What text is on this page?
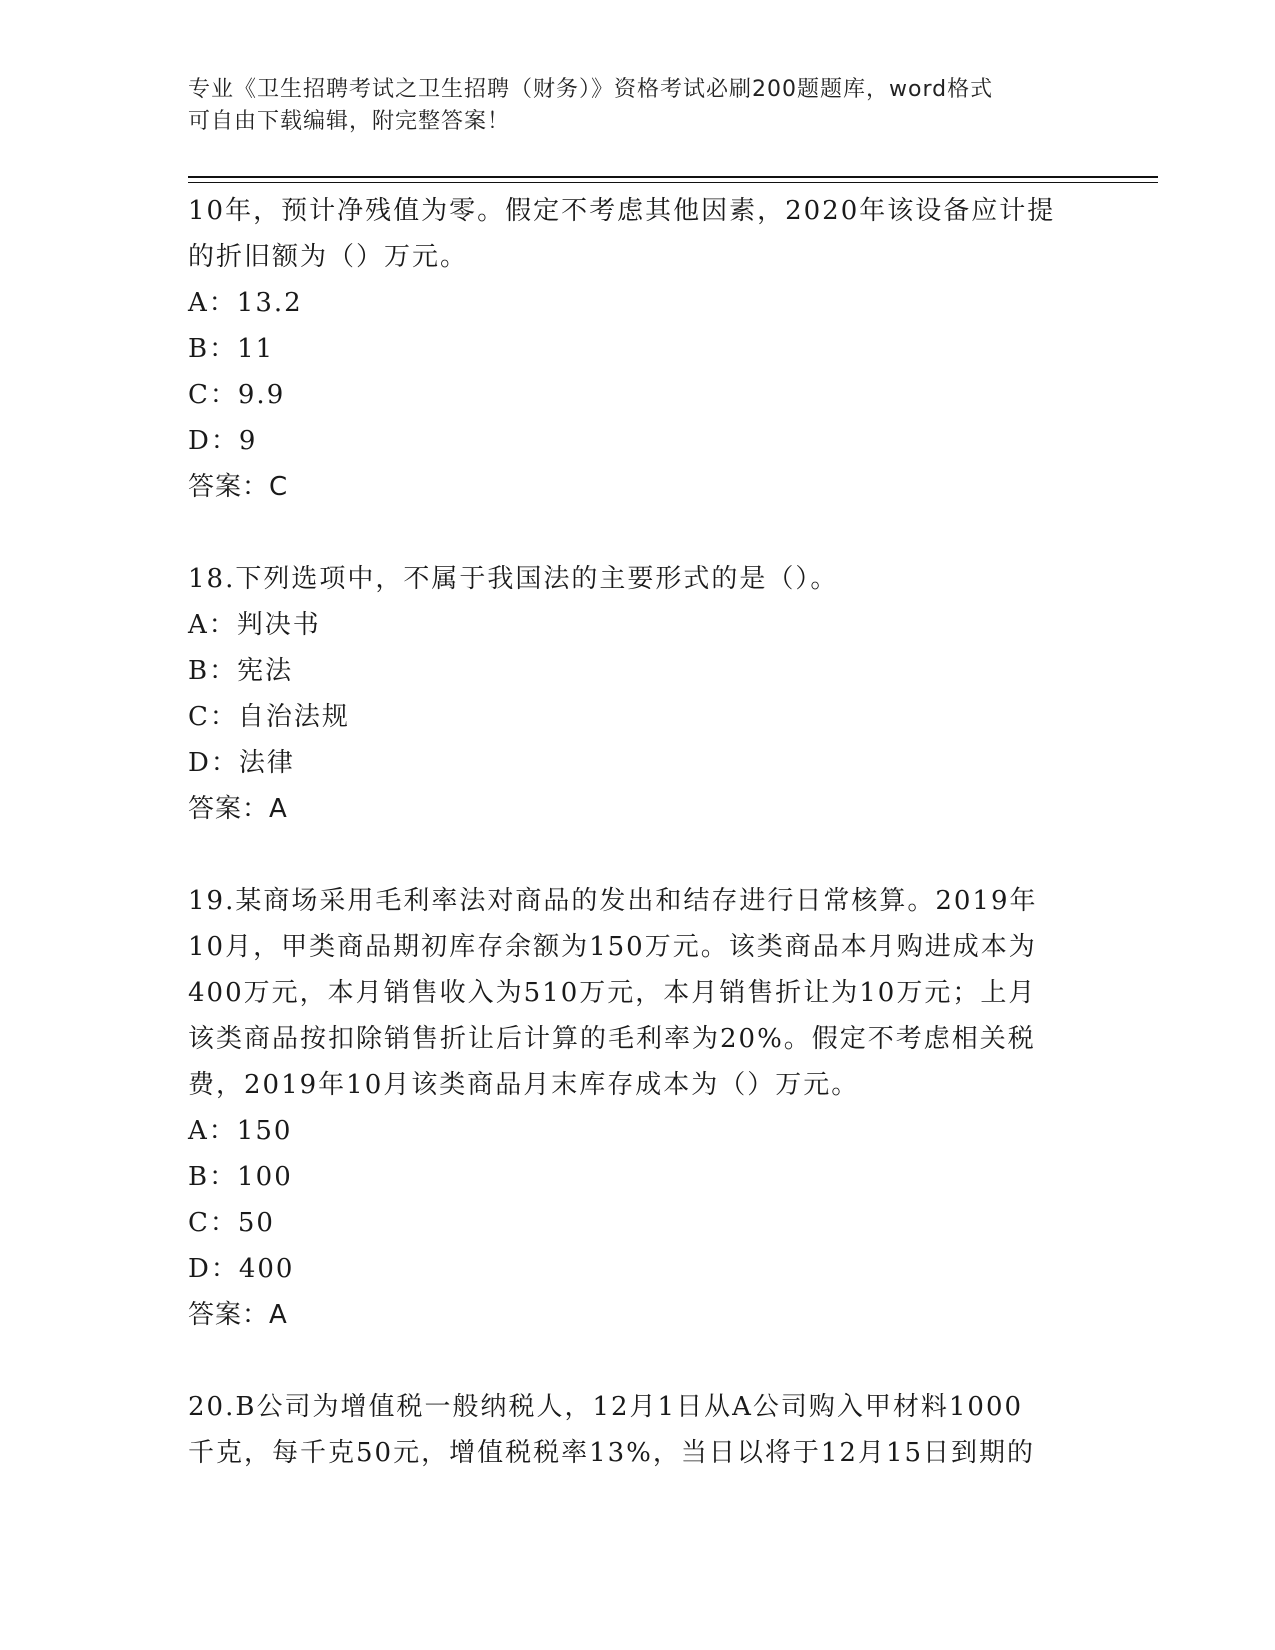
专业《卫生招聘考试之卫生招聘（财务）》资格考试必刷200题题库，word格式
可自由下载编辑，附完整答案！

10年，预计净残值为零。假定不考虑其他因素，2020年该设备应计提

的折旧额为（）万元。

A：13.2

B：11

C：9.9

D：9

答案：C

18.下列选项中，不属于我国法的主要形式的是（）。

A：判决书

B：宪法

C：自治法规

D：法律

答案：A

19.某商场采用毛利率法对商品的发出和结存进行日常核算。2019年

10月，甲类商品期初库存余额为150万元。该类商品本月购进成本为

400万元，本月销售收入为510万元，本月销售折让为10万元；上月

该类商品按扣除销售折让后计算的毛利率为20%。假定不考虑相关税

费，2019年10月该类商品月末库存成本为（）万元。

A：150

B：100

C：50

D：400

答案：A

20.B公司为增值税一般纳税人，12月1日从A公司购入甲材料1000

千克，每千克50元，增值税税率13%，当日以将于12月15日到期的
